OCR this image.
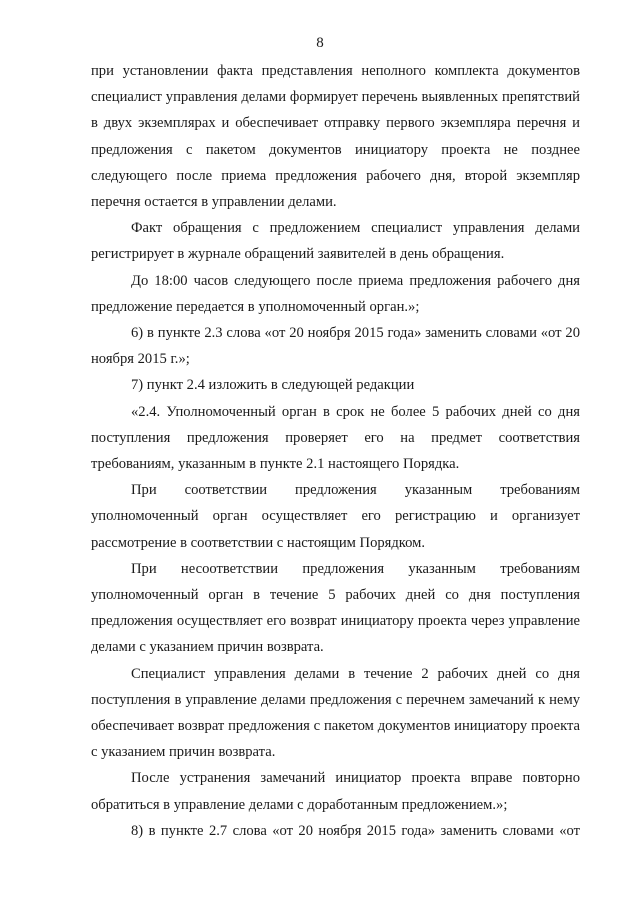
8

при установлении факта представления неполного комплекта документов специалист управления делами формирует перечень выявленных препятствий в двух экземплярах и обеспечивает отправку первого экземпляра перечня и предложения с пакетом документов инициатору проекта не позднее следующего после приема предложения рабочего дня, второй экземпляр перечня остается в управлении делами.

Факт обращения с предложением специалист управления делами регистрирует в журнале обращений заявителей в день обращения.

До 18:00 часов следующего после приема предложения рабочего дня предложение передается в уполномоченный орган.»;

6) в пункте 2.3 слова «от 20 ноября 2015 года» заменить словами «от 20 ноября 2015 г.»;

7) пункт 2.4 изложить в следующей редакции

«2.4. Уполномоченный орган в срок не более 5 рабочих дней со дня поступления предложения проверяет его на предмет соответствия требованиям, указанным в пункте 2.1 настоящего Порядка.

При соответствии предложения указанным требованиям уполномоченный орган осуществляет его регистрацию и организует рассмотрение в соответствии с настоящим Порядком.

При несоответствии предложения указанным требованиям уполномоченный орган в течение 5 рабочих дней со дня поступления предложения осуществляет его возврат инициатору проекта через управление делами с указанием причин возврата.

Специалист управления делами в течение 2 рабочих дней со дня поступления в управление делами предложения с перечнем замечаний к нему обеспечивает возврат предложения с пакетом документов инициатору проекта с указанием причин возврата.

После устранения замечаний инициатор проекта вправе повторно обратиться в управление делами с доработанным предложением.»;

8) в пункте 2.7 слова «от 20 ноября 2015 года» заменить словами «от
